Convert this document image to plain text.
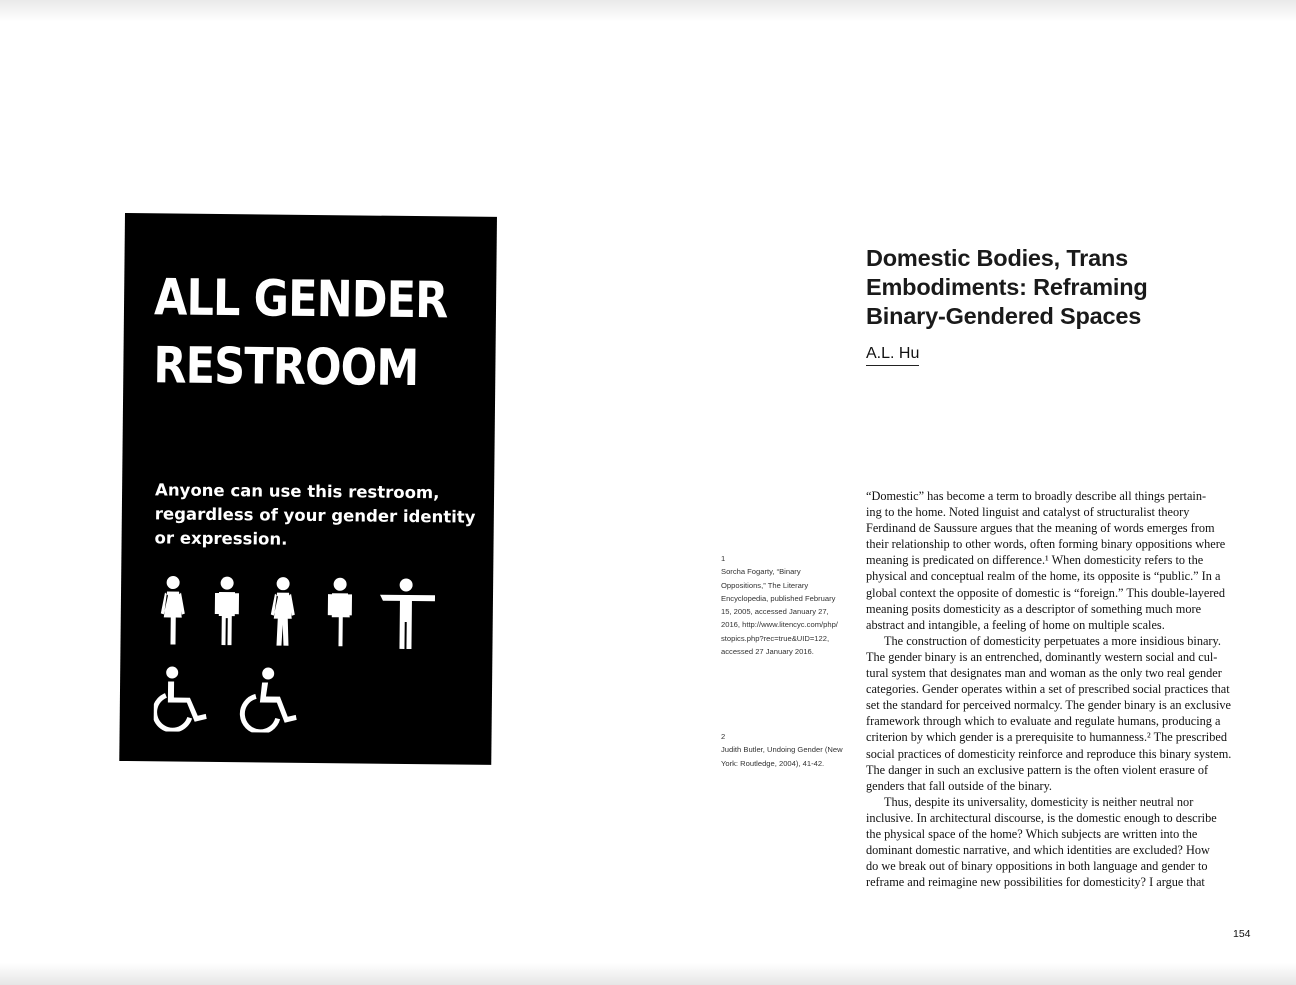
ALL GENDER
RESTROOM
Anyone can use this restroom,
regardless of your gender identity
or expression.
Domestic Bodies, Trans
Embodiments: Reframing
Binary-Gendered Spaces
A.L. Hu
1
Sorcha Fogarty, “Binary
Oppositions,” The Literary
Encyclopedia, published February
15, 2005, accessed January 27,
2016, http://www.litencyc.com/php/
stopics.php?rec=true&UID=122,
accessed 27 January 2016.
2
Judith Butler, Undoing Gender (New
York: Routledge, 2004), 41-42.
“Domestic” has become a term to broadly describe all things pertain-
ing to the home. Noted linguist and catalyst of structuralist theory
Ferdinand de Saussure argues that the meaning of words emerges from
their relationship to other words, often forming binary oppositions where
meaning is predicated on difference.¹ When domesticity refers to the
physical and conceptual realm of the home, its opposite is “public.” In a
global context the opposite of domestic is “foreign.” This double-layered
meaning posits domesticity as a descriptor of something much more
abstract and intangible, a feeling of home on multiple scales.
The construction of domesticity perpetuates a more insidious binary.
The gender binary is an entrenched, dominantly western social and cul-
tural system that designates man and woman as the only two real gender
categories. Gender operates within a set of prescribed social practices that
set the standard for perceived normalcy. The gender binary is an exclusive
framework through which to evaluate and regulate humans, producing a
criterion by which gender is a prerequisite to humanness.² The prescribed
social practices of domesticity reinforce and reproduce this binary system.
The danger in such an exclusive pattern is the often violent erasure of
genders that fall outside of the binary.
Thus, despite its universality, domesticity is neither neutral nor
inclusive. In architectural discourse, is the domestic enough to describe
the physical space of the home? Which subjects are written into the
dominant domestic narrative, and which identities are excluded? How
do we break out of binary oppositions in both language and gender to
reframe and reimagine new possibilities for domesticity? I argue that
154
